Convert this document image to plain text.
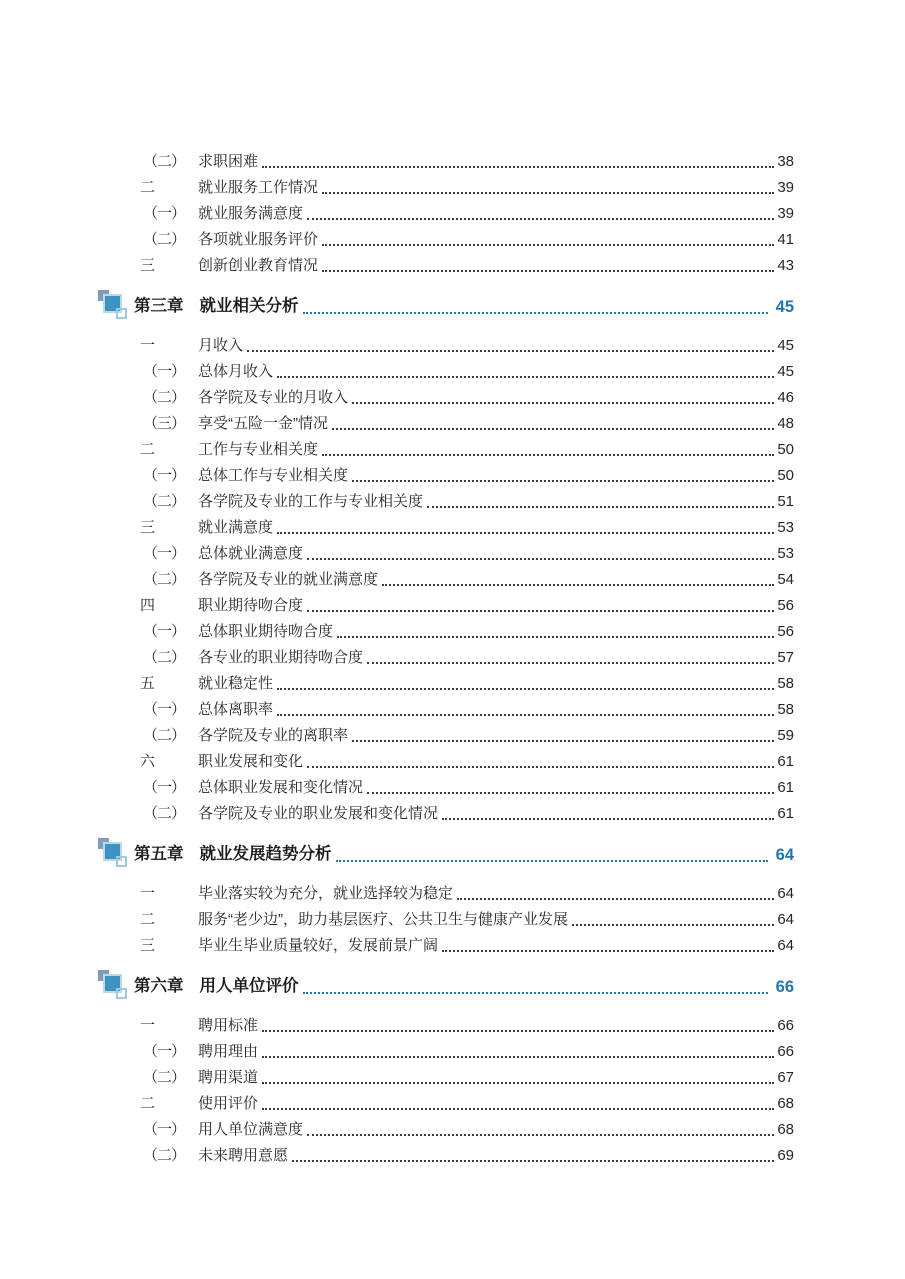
（二） 求职困难	38
二	就业服务工作情况	39
（一） 就业服务满意度	39
（二） 各项就业服务评价	41
三	创新创业教育情况	43
第三章 就业相关分析	45
一	月收入	45
（一） 总体月收入	45
（二） 各学院及专业的月收入	46
（三） 享受“五险一金”情况	48
二	工作与专业相关度	50
（一） 总体工作与专业相关度	50
（二） 各学院及专业的工作与专业相关度	51
三	就业满意度	53
（一） 总体就业满意度	53
（二） 各学院及专业的就业满意度	54
四	职业期待吻合度	56
（一） 总体职业期待吻合度	56
（二） 各专业的职业期待吻合度	57
五	就业稳定性	58
（一） 总体离职率	58
（二） 各学院及专业的离职率	59
六	职业发展和变化	61
（一） 总体职业发展和变化情况	61
（二） 各学院及专业的职业发展和变化情况	61
第五章 就业发展趋势分析	64
一	毕业落实较为充分，就业选择较为稳定	64
二	服务“老少边”，助力基层医疗、公共卫生与健康产业发展	64
三	毕业生毕业质量较好，发展前景广阔	64
第六章 用人单位评价	66
一	聘用标准	66
（一） 聘用理由	66
（二） 聘用渠道	67
二	使用评价	68
（一） 用人单位满意度	68
（二） 未来聘用意愿	69
